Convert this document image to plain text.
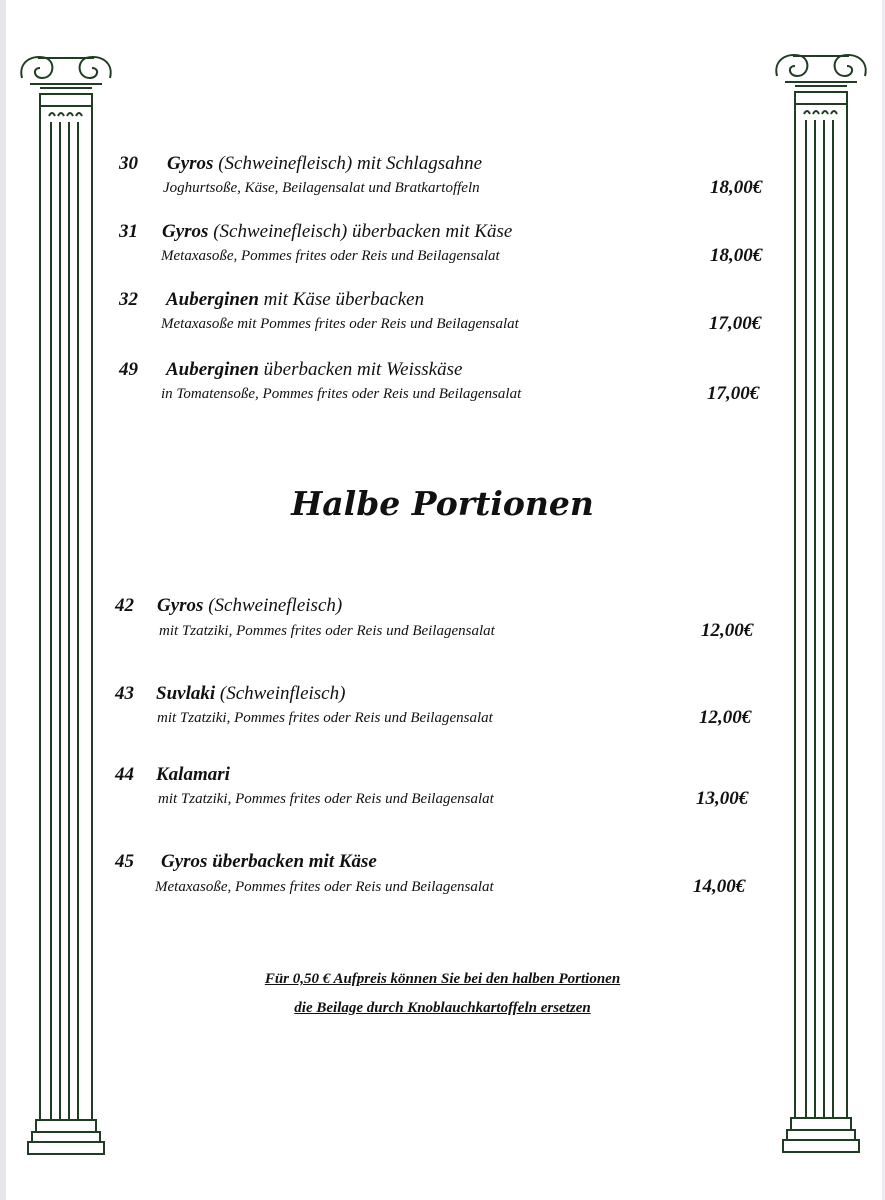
30 Gyros (Schweinefleisch) mit Schlagsahne
Joghurtsoße, Käse, Beilagensalat und Bratkartoffeln	18,00€
31 Gyros (Schweinefleisch) überbacken mit Käse
Metaxasoße, Pommes frites oder Reis und Beilagensalat	18,00€
32 Auberginen mit Käse überbacken
Metaxasoße mit Pommes frites oder Reis und Beilagensalat	17,00€
49 Auberginen überbacken mit Weisskäse
in Tomatensoße, Pommes frites oder Reis und Beilagensalat	17,00€
Halbe Portionen
42 Gyros (Schweinefleisch)
mit Tzatziki, Pommes frites oder Reis und Beilagensalat	12,00€
43 Suvlaki (Schweinfleisch)
mit Tzatziki, Pommes frites oder Reis und Beilagensalat	12,00€
44 Kalamari
mit Tzatziki, Pommes frites oder Reis und Beilagensalat	13,00€
45 Gyros überbacken mit Käse
Metaxasoße, Pommes frites oder Reis und Beilagensalat	14,00€
Für 0,50 € Aufpreis können Sie bei den halben Portionen
die Beilage durch Knoblauchkartoffeln ersetzen
